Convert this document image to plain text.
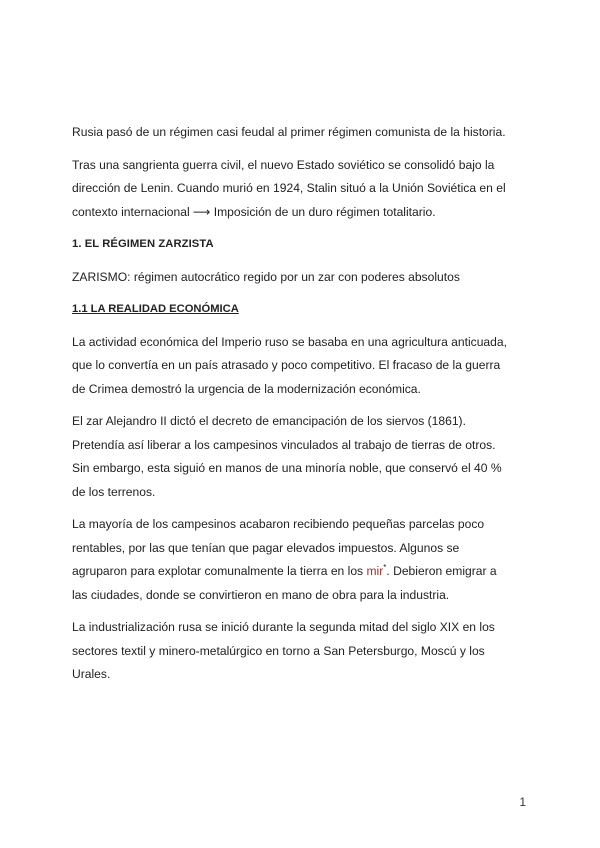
Rusia pasó de un régimen casi feudal al primer régimen comunista de la historia.

Tras una sangrienta guerra civil, el nuevo Estado soviético se consolidó bajo la
dirección de Lenin. Cuando murió en 1924, Stalin situó a la Unión Soviética en el
contexto internacional ⟶ Imposición de un duro régimen totalitario.

1. EL RÉGIMEN ZARZISTA

ZARISMO: régimen autocrático regido por un zar con poderes absolutos

1.1 LA REALIDAD ECONÓMICA

La actividad económica del Imperio ruso se basaba en una agricultura anticuada,
que lo convertía en un país atrasado y poco competitivo. El fracaso de la guerra
de Crimea demostró la urgencia de la modernización económica.

El zar Alejandro II dictó el decreto de emancipación de los siervos (1861).
Pretendía así liberar a los campesinos vinculados al trabajo de tierras de otros.
Sin embargo, esta siguió en manos de una minoría noble, que conservó el 40 %
de los terrenos.

La mayoría de los campesinos acabaron recibiendo pequeñas parcelas poco
rentables, por las que tenían que pagar elevados impuestos. Algunos se
agruparon para explotar comunalmente la tierra en los mir*. Debieron emigrar a
las ciudades, donde se convirtieron en mano de obra para la industria.

La industrialización rusa se inició durante la segunda mitad del siglo XIX en los
sectores textil y minero-metalúrgico en torno a San Petersburgo, Moscú y los
Urales.

1
